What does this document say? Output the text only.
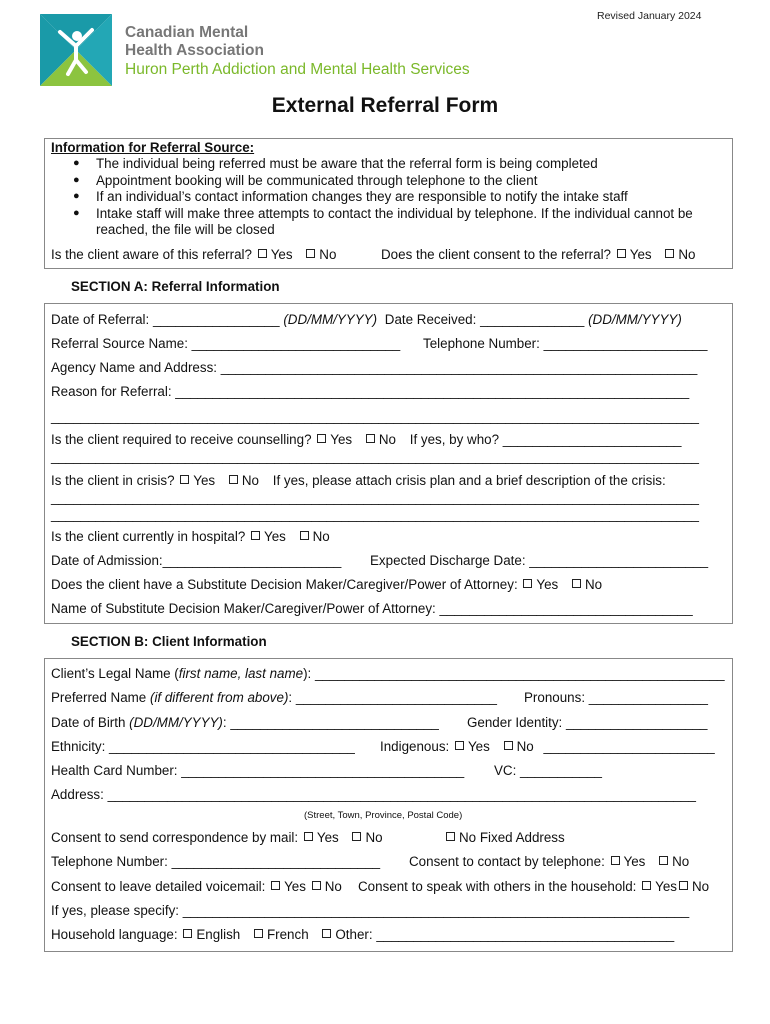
Revised January 2024
Canadian Mental
Health Association
Huron Perth Addiction and Mental Health Services
External Referral Form
Information for Referral Source:
● The individual being referred must be aware that the referral form is being completed
● Appointment booking will be communicated through telephone to the client
● If an individual’s contact information changes they are responsible to notify the intake staff
● Intake staff will make three attempts to contact the individual by telephone. If the individual cannot be
reached, the file will be closed
Is the client aware of this referral? Yes No	Does the client consent to the referral? Yes No
SECTION A: Referral Information
Date of Referral: _________________ (DD/MM/YYYY) Date Received: ______________ (DD/MM/YYYY)
Referral Source Name: ____________________________ Telephone Number: ______________________
Agency Name and Address: ________________________________________________________________
Reason for Referral: _____________________________________________________________________
_______________________________________________________________________________________
Is the client required to receive counselling? Yes No If yes, by who? ________________________
_______________________________________________________________________________________
Is the client in crisis? Yes No If yes, please attach crisis plan and a brief description of the crisis:
_______________________________________________________________________________________
_______________________________________________________________________________________
Is the client currently in hospital? Yes No
Date of Admission:________________________ Expected Discharge Date: ________________________
Does the client have a Substitute Decision Maker/Caregiver/Power of Attorney: Yes No
Name of Substitute Decision Maker/Caregiver/Power of Attorney: __________________________________
SECTION B: Client Information
Client’s Legal Name (first name, last name): _______________________________________________________
Preferred Name (if different from above): ___________________________ Pronouns: ________________
Date of Birth (DD/MM/YYYY): ____________________________ Gender Identity: ___________________
Ethnicity: _________________________________ Indigenous: Yes No _______________________
Health Card Number: ______________________________________ VC: ___________
Address: _______________________________________________________________________________
(Street, Town, Province, Postal Code)
Consent to send correspondence by mail: Yes No	No Fixed Address
Telephone Number: ____________________________ Consent to contact by telephone: Yes No
Consent to leave detailed voicemail: Yes No Consent to speak with others in the household: Yes No
If yes, please specify: ____________________________________________________________________
Household language: English French Other: ________________________________________
